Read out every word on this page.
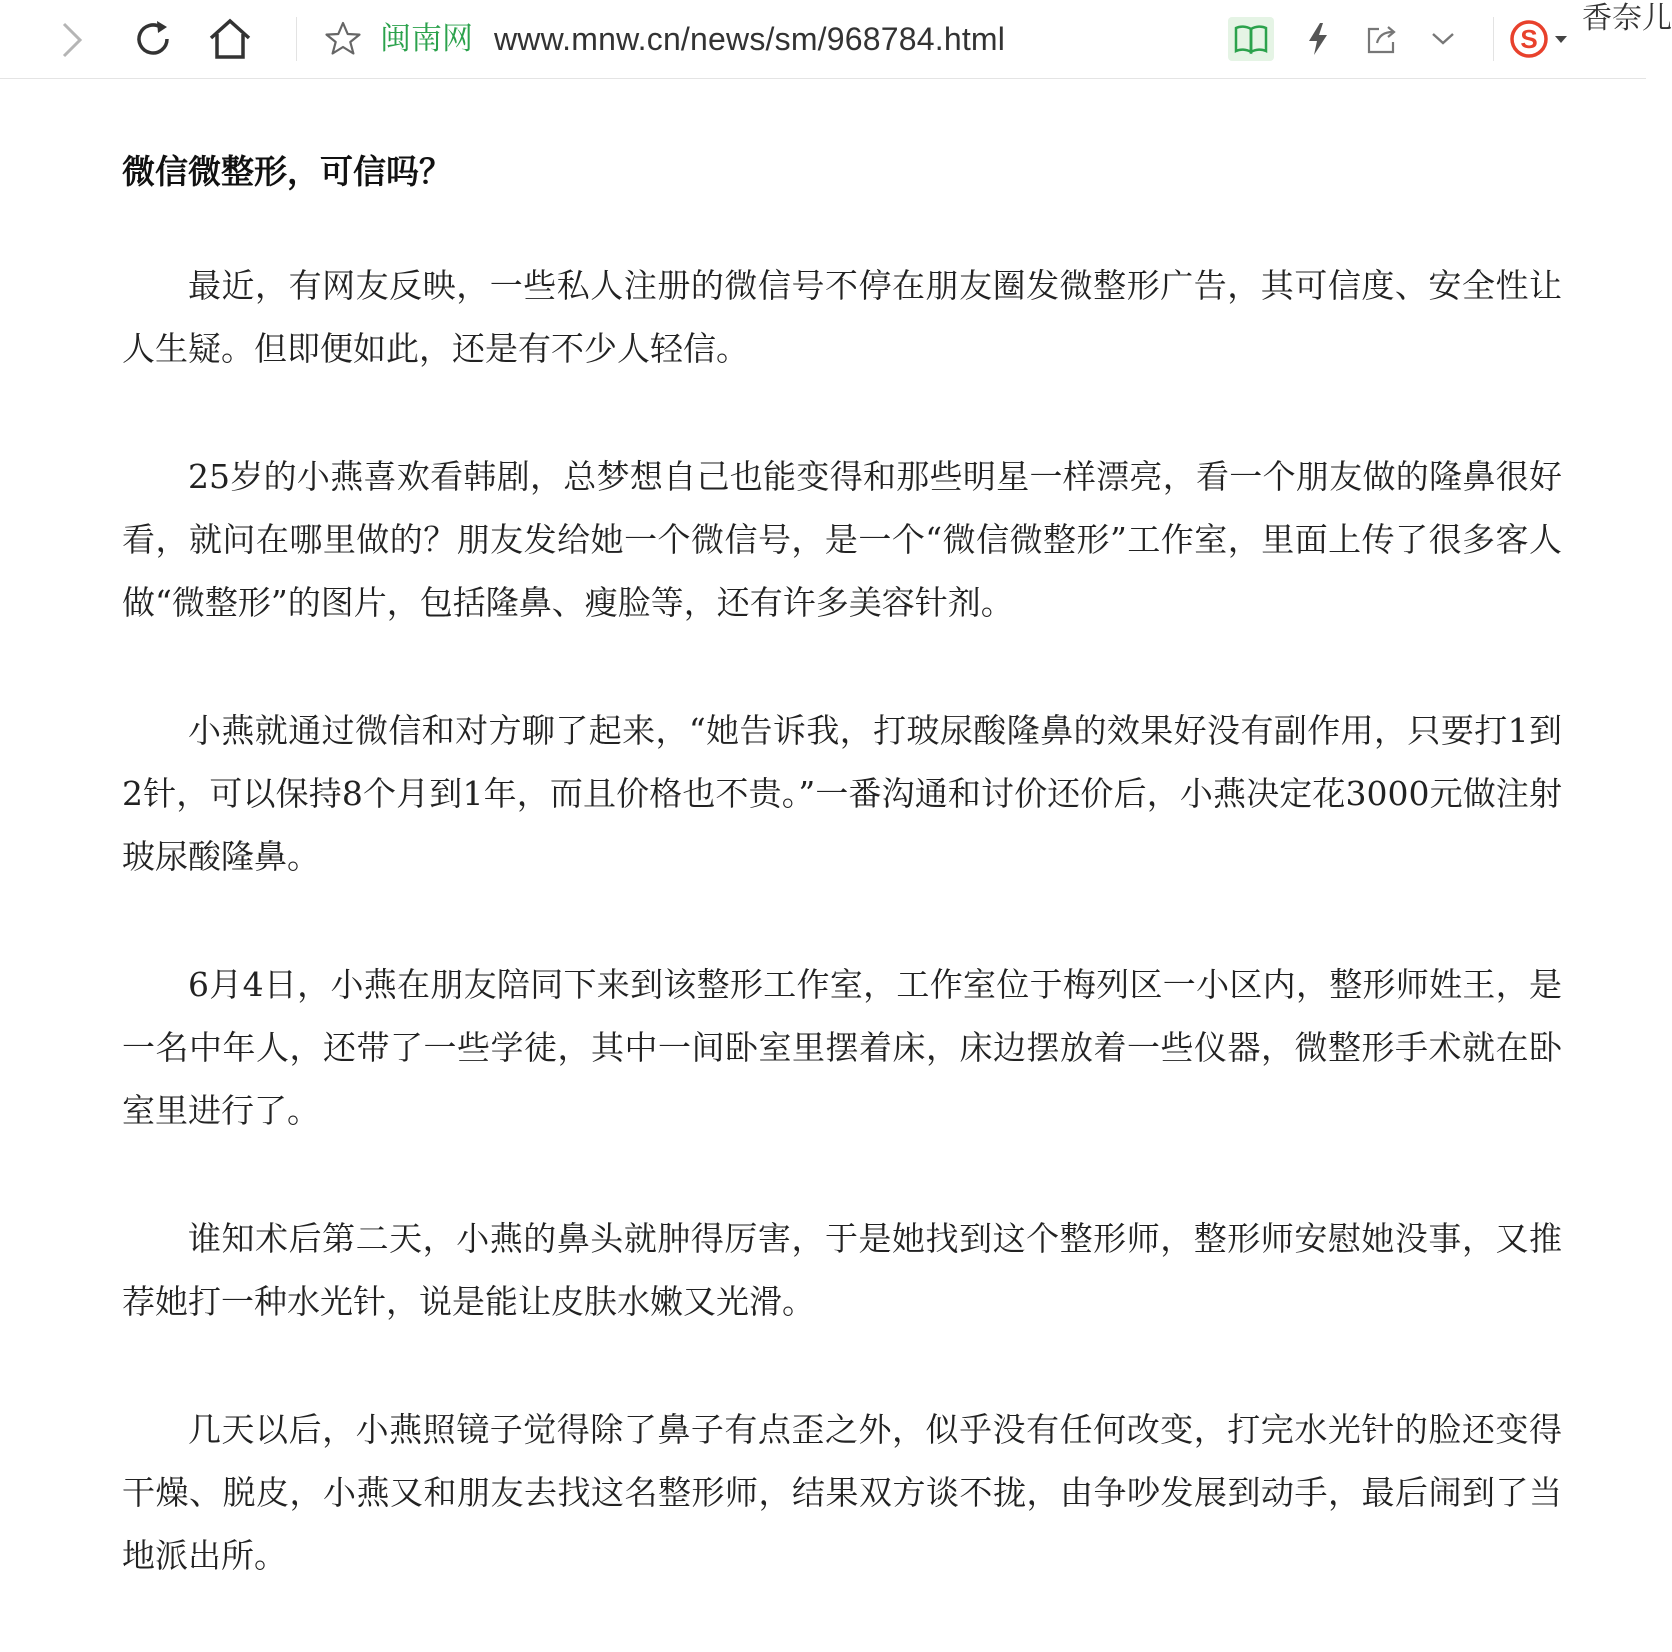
闽南网 www.mnw.cn/news/sm/968784.html	S
香奈儿
微信微整形，可信吗？

最近，有网友反映，一些私人注册的微信号不停在朋友圈发微整形广告，其可信度、安全性让人生疑。但即便如此，还是有不少人轻信。

25岁的小燕喜欢看韩剧，总梦想自己也能变得和那些明星一样漂亮，看一个朋友做的隆鼻很好看，就问在哪里做的？朋友发给她一个微信号，是一个“微信微整形”工作室，里面上传了很多客人做“微整形”的图片，包括隆鼻、瘦脸等，还有许多美容针剂。

小燕就通过微信和对方聊了起来，“她告诉我，打玻尿酸隆鼻的效果好没有副作用，只要打1到2针，可以保持8个月到1年，而且价格也不贵。”一番沟通和讨价还价后，小燕决定花3000元做注射玻尿酸隆鼻。

6月4日，小燕在朋友陪同下来到该整形工作室，工作室位于梅列区一小区内，整形师姓王，是一名中年人，还带了一些学徒，其中一间卧室里摆着床，床边摆放着一些仪器，微整形手术就在卧室里进行了。

谁知术后第二天，小燕的鼻头就肿得厉害，于是她找到这个整形师，整形师安慰她没事，又推荐她打一种水光针，说是能让皮肤水嫩又光滑。

几天以后，小燕照镜子觉得除了鼻子有点歪之外，似乎没有任何改变，打完水光针的脸还变得干燥、脱皮，小燕又和朋友去找这名整形师，结果双方谈不拢，由争吵发展到动手，最后闹到了当地派出所。
